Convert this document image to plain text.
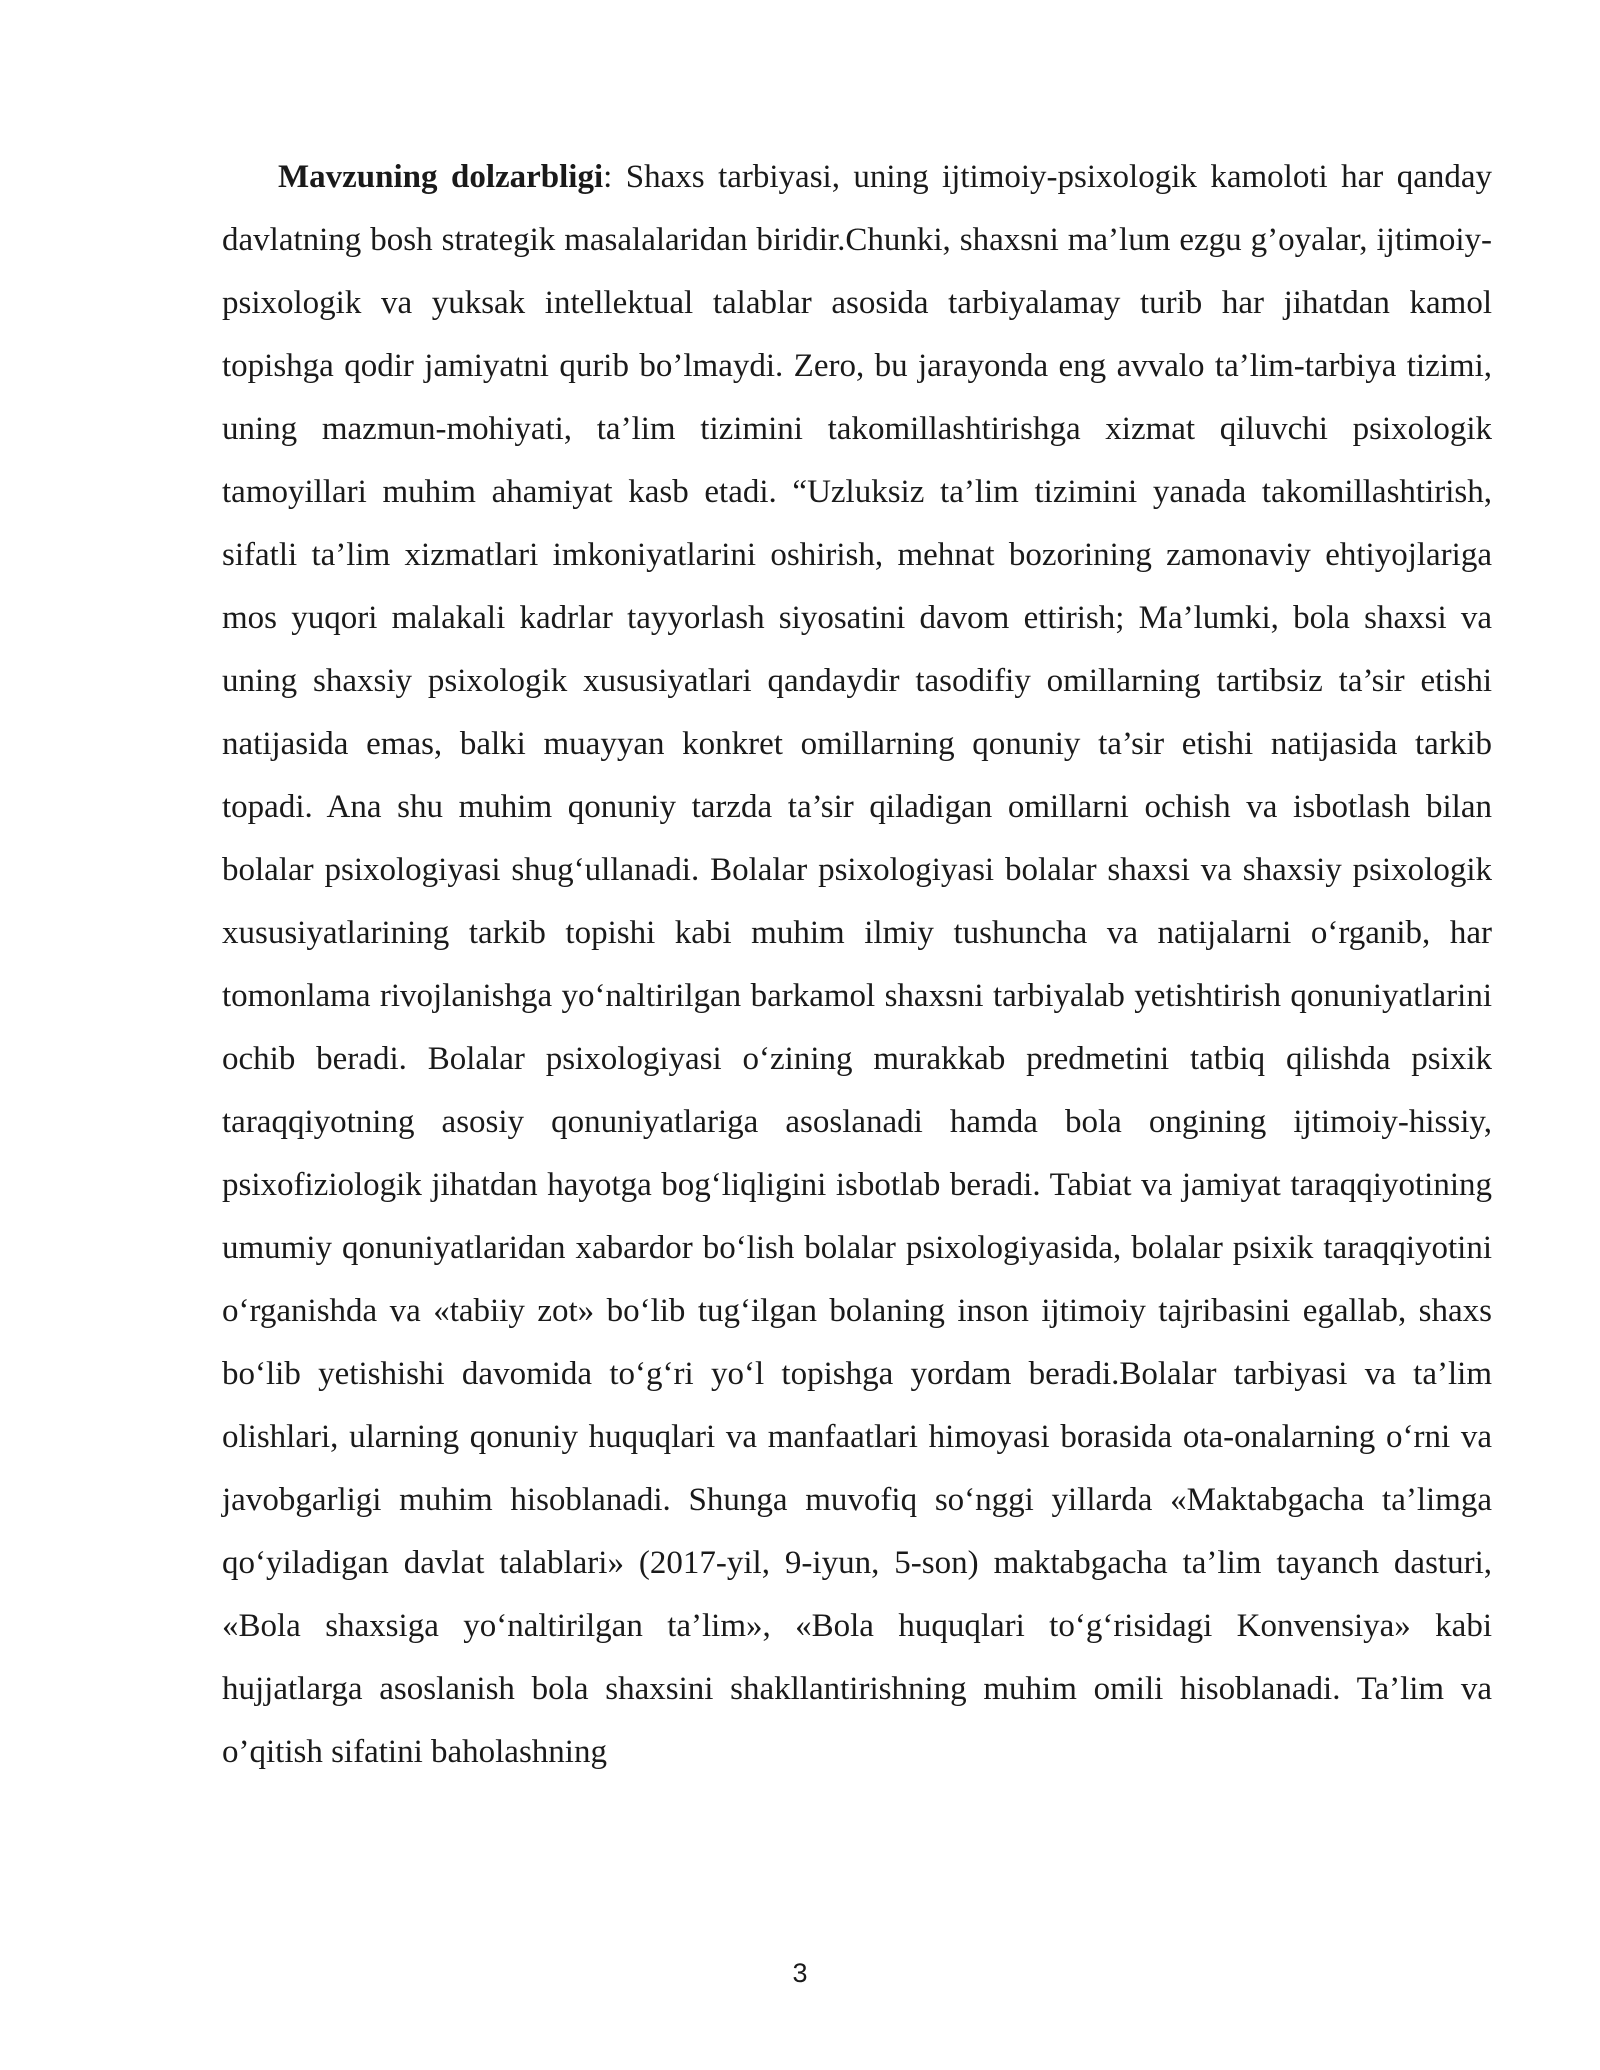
Mavzuning dolzarbligi: Shaxs tarbiyasi, uning ijtimoiy-psixologik kamoloti har qanday davlatning bosh strategik masalalaridan biridir.Chunki, shaxsni ma’lum ezgu g’oyalar, ijtimoiy-psixologik va yuksak intellektual talablar asosida tarbiyalamay turib har jihatdan kamol topishga qodir jamiyatni qurib bo’lmaydi. Zero, bu jarayonda eng avvalo ta’lim-tarbiya tizimi, uning mazmun-mohiyati, ta’lim tizimini takomillashtirishga xizmat qiluvchi psixologik tamoyillari muhim ahamiyat kasb etadi. “Uzluksiz ta’lim tizimini yanada takomillashtirish, sifatli ta’lim xizmatlari imkoniyatlarini oshirish, mehnat bozorining zamonaviy ehtiyojlariga mos yuqori malakali kadrlar tayyorlash siyosatini davom ettirish; Ma’lumki, bola shaxsi va uning shaxsiy psixologik xususiyatlari qandaydir tasodifiy omillarning tartibsiz ta’sir etishi natijasida emas, balki muayyan konkret omillarning qonuniy ta’sir etishi natijasida tarkib topadi. Ana shu muhim qonuniy tarzda ta’sir qiladigan omillarni ochish va isbotlash bilan bolalar psixologiyasi shug‘ullanadi. Bolalar psixologiyasi bolalar shaxsi va shaxsiy psixologik xususiyatlarining tarkib topishi kabi muhim ilmiy tushuncha va natijalarni o‘rganib, har tomonlama rivojlanishga yo‘naltirilgan barkamol shaxsni tarbiyalab yetishtirish qonuniyatlarini ochib beradi. Bolalar psixologiyasi o‘zining murakkab predmetini tatbiq qilishda psixik taraqqiyotning asosiy qonuniyatlariga asoslanadi hamda bola ongining ijtimoiy-hissiy, psixofiziologik jihatdan hayotga bog‘liqligini isbotlab beradi. Tabiat va jamiyat taraqqiyotining umumiy qonuniyatlaridan xabardor bo‘lish bolalar psixologiyasida, bolalar psixik taraqqiyotini o‘rganishda va «tabiiy zot» bo‘lib tug‘ilgan bolaning inson ijtimoiy tajribasini egallab, shaxs bo‘lib yetishishi davomida to‘g‘ri yo‘l topishga yordam beradi.Bolalar tarbiyasi va ta’lim olishlari, ularning qonuniy huquqlari va manfaatlari himoyasi borasida ota-onalarning o‘rni va javobgarligi muhim hisoblanadi. Shunga muvofiq so‘nggi yillarda «Maktabgacha ta’limga qo‘yiladigan davlat talablari» (2017-yil, 9-iyun, 5-son) maktabgacha ta’lim tayanch dasturi, «Bola shaxsiga yo‘naltirilgan ta’lim», «Bola huquqlari to‘g‘risidagi Konvensiya» kabi hujjatlarga asoslanish bola shaxsini shakllantirishning muhim omili hisoblanadi. Ta’lim va o’qitish sifatini baholashning

3
